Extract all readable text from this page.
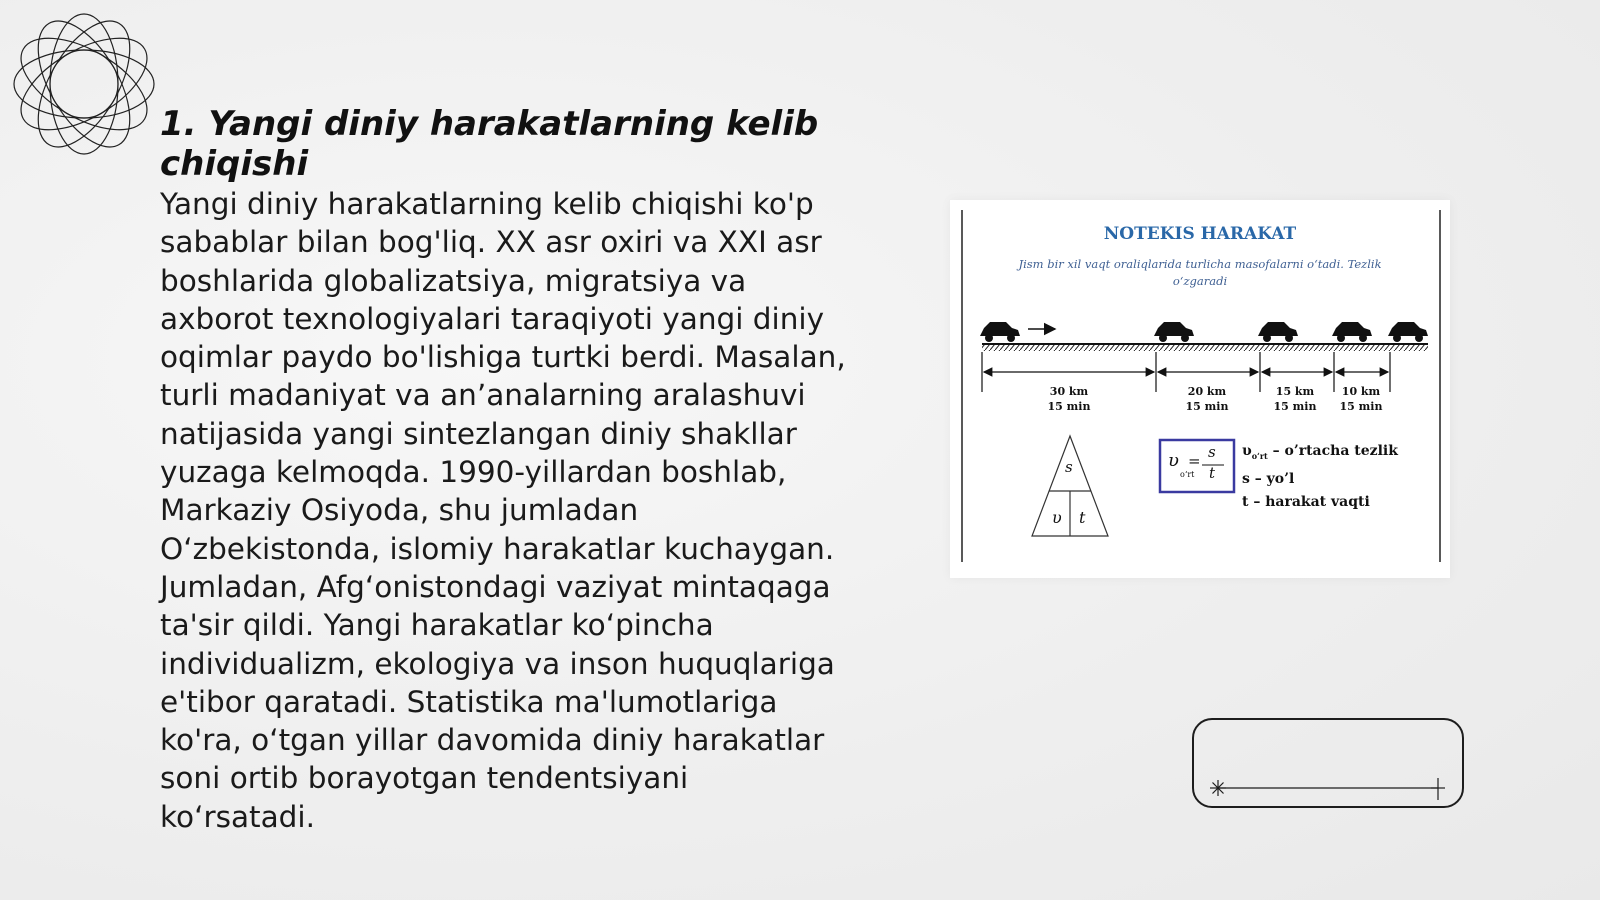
1. Yangi diniy harakatlarning kelib chiqishi

Yangi diniy harakatlarning kelib chiqishi ko'p sabablar bilan bog'liq. XX asr oxiri va XXI asr boshlarida globalizatsiya, migratsiya va axborot texnologiyalari taraqiyoti yangi diniy oqimlar paydo bo'lishiga turtki berdi. Masalan, turli madaniyat va an’analarning aralashuvi natijasida yangi sintezlangan diniy shakllar yuzaga kelmoqda. 1990-yillardan boshlab, Markaziy Osiyoda, shu jumladan O‘zbekistonda, islomiy harakatlar kuchaygan. Jumladan, Afg‘onistondagi vaziyat mintaqaga ta'sir qildi. Yangi harakatlar ko‘pincha individualizm, ekologiya va inson huquqlariga e'tibor qaratadi. Statistika ma'lumotlariga ko'ra, o‘tgan yillar davomida diniy harakatlar soni ortib borayotgan tendentsiyani ko‘rsatadi.

NOTEKIS HARAKAT
Jism bir xil vaqt oraliqlarida turlicha masofalarni o‘tadi. Tezlik o‘zgaradi
30 km
15 min
20 km
15 min
15 km
15 min
10 km
15 min
s
υ t
υ
o‘rt
= s
t
$\upsilon_{o‘rt}$ – o’rtacha tezlik
s – yo’l
t – harakat vaqti
